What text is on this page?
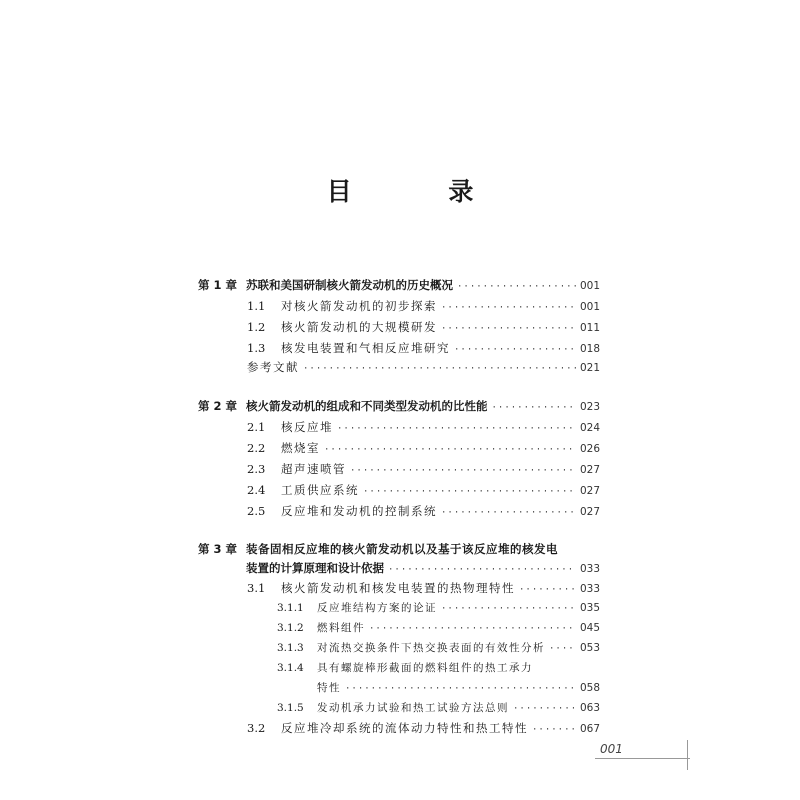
目 录
第 1 章 苏联和美国研制核火箭发动机的历史概况 ·····	001
1.1	对核火箭发动机的初步探索 ·····	001
1.2	核火箭发动机的大规模研发 ·····	011
1.3	核发电装置和气相反应堆研究 ·····	018
参考文献 ·····	021
第 2 章 核火箭发动机的组成和不同类型发动机的比性能 ·····	023
2.1	核反应堆 ·····	024
2.2	燃烧室 ·····	026
2.3	超声速喷管 ·····	027
2.4	工质供应系统 ·····	027
2.5	反应堆和发动机的控制系统 ·····	027
第 3 章 装备固相反应堆的核火箭发动机以及基于该反应堆的核发电
装置的计算原理和设计依据 ·····	033
3.1	核火箭发动机和核发电装置的热物理特性 ·····	033
3.1.1	反应堆结构方案的论证 ·····	035
3.1.2	燃料组件 ·····	045
3.1.3	对流热交换条件下热交换表面的有效性分析 ·····	053
3.1.4	具有螺旋棒形截面的燃料组件的热工承力
特性 ·····	058
3.1.5	发动机承力试验和热工试验方法总则 ·····	063
3.2	反应堆冷却系统的流体动力特性和热工特性 ·····	067
001
